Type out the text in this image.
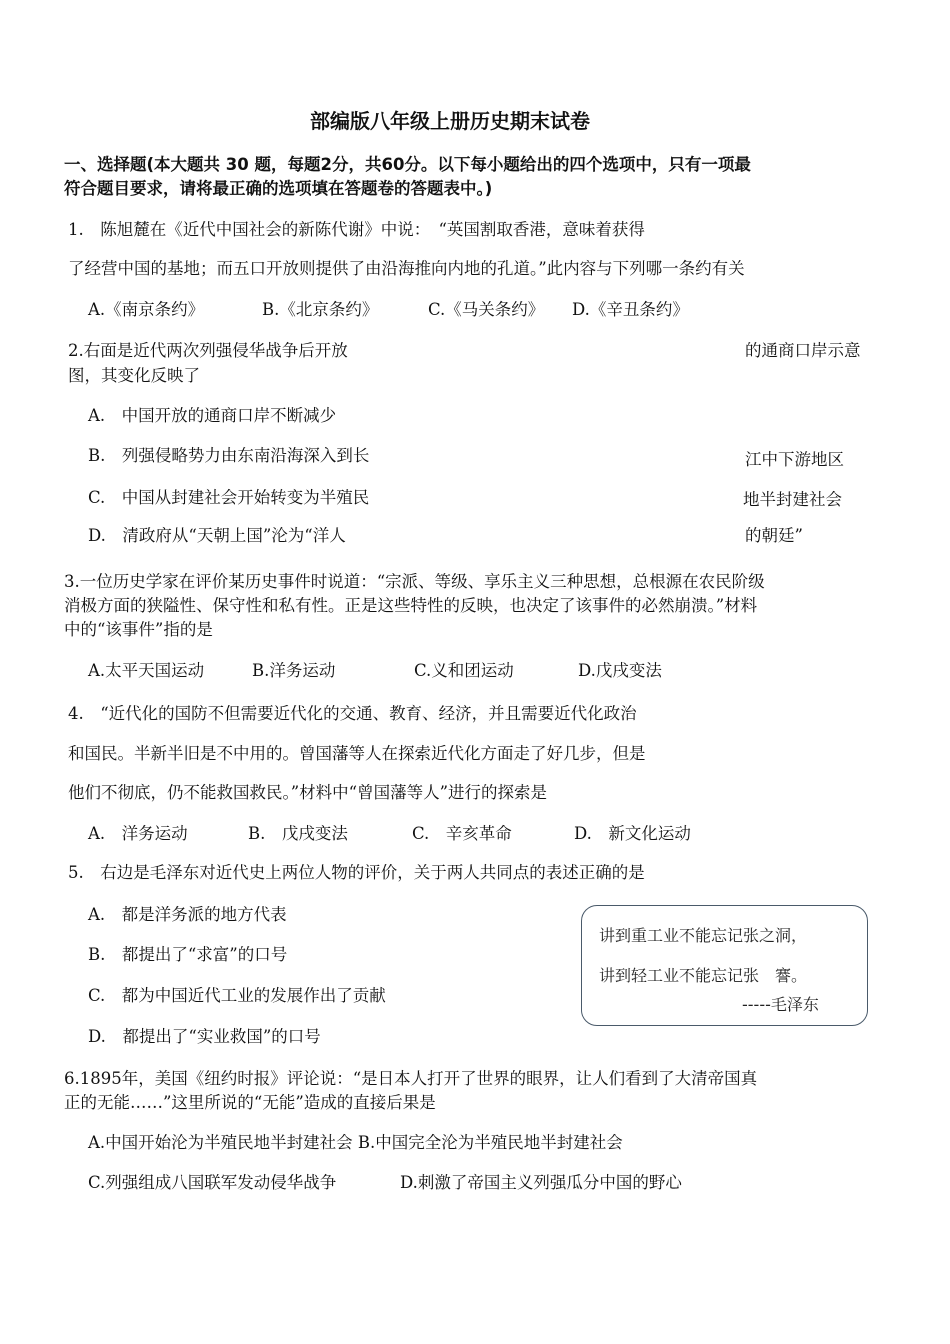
部编版八年级上册历史期末试卷
一、选择题(本大题共 30 题，每题2分，共60分。以下每小题给出的四个选项中，只有一项最
符合题目要求，请将最正确的选项填在答题卷的答题表中。)
1.　陈旭麓在《近代中国社会的新陈代谢》中说：　“英国割取香港，意味着获得
了经营中国的基地；而五口开放则提供了由沿海推向内地的孔道。”此内容与下列哪一条约有关
A.《南京条约》	B.《北京条约》	C.《马关条约》 D.《辛丑条约》
2.右面是近代两次列强侵华战争后开放	的通商口岸示意
图，其变化反映了
A.　中国开放的通商口岸不断减少
B.　列强侵略势力由东南沿海深入到长	江中下游地区
C.　中国从封建社会开始转变为半殖民	地半封建社会
D.　清政府从“天朝上国”沦为“洋人	的朝廷”
3.一位历史学家在评价某历史事件时说道：“宗派、等级、享乐主义三种思想，总根源在农民阶级
消极方面的狭隘性、保守性和私有性。正是这些特性的反映，也决定了该事件的必然崩溃。”材料
中的“该事件”指的是
A.太平天国运动	B.洋务运动	C.义和团运动	D.戊戌变法
4.　“近代化的国防不但需要近代化的交通、教育、经济，并且需要近代化政治
和国民。半新半旧是不中用的。曾国藩等人在探索近代化方面走了好几步，但是
他们不彻底，仍不能救国救民。”材料中“曾国藩等人”进行的探索是
A.　洋务运动	B.　戊戌变法	C.　辛亥革命	D.　新文化运动
5.　右边是毛泽东对近代史上两位人物的评价，关于两人共同点的表述正确的是
A.　都是洋务派的地方代表
B.　都提出了“求富”的口号
C.　都为中国近代工业的发展作出了贡献
D.　都提出了“实业救国”的口号
讲到重工业不能忘记张之洞，
讲到轻工业不能忘记张　謇。
-----毛泽东
6.1895年，美国《纽约时报》评论说：“是日本人打开了世界的眼界，让人们看到了大清帝国真
正的无能……”这里所说的“无能”造成的直接后果是
A.中国开始沦为半殖民地半封建社会 B.中国完全沦为半殖民地半封建社会
C.列强组成八国联军发动侵华战争	D.刺激了帝国主义列强瓜分中国的野心
